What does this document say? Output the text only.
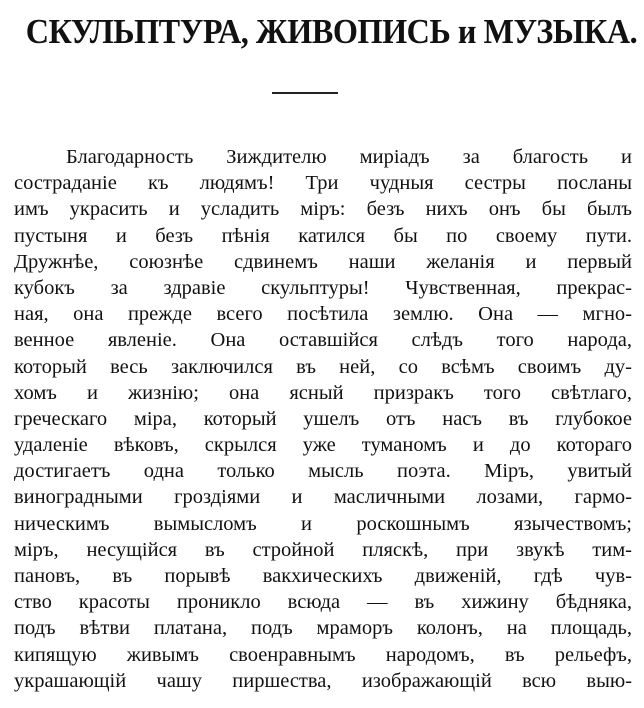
СКУЛЬПТУРА, ЖИВОПИСЬ и МУЗЫКА.
Благодарность Зиждителю миріадъ за благость и
состраданіе къ людямъ! Три чудныя сестры посланы
имъ украсить и усладить міръ: безъ нихъ онъ бы былъ
пустыня и безъ пѣнія катился бы по своему пути.
Дружнѣе, союзнѣе сдвинемъ наши желанія и первый
кубокъ за здравіе скульптуры! Чувственная, прекрас-
ная, она прежде всего посѣтила землю. Она — мгно-
венное явленіе. Она оставшійся слѣдъ того народа,
который весь заключился въ ней, со всѣмъ своимъ ду-
хомъ и жизнію; она ясный призракъ того свѣтлаго,
греческаго міра, который ушелъ отъ насъ въ глубокое
удаленіе вѣковъ, скрылся уже туманомъ и до котораго
достигаетъ одна только мысль поэта. Міръ, увитый
виноградными гроздіями и масличными лозами, гармо-
ническимъ вымысломъ и роскошнымъ язычествомъ;
міръ, несущійся въ стройной пляскѣ, при звукѣ тим-
пановъ, въ порывѣ вакхическихъ движеній, гдѣ чув-
ство красоты проникло всюда — въ хижину бѣдняка,
подъ вѣтви платана, подъ мраморъ колонъ, на площадь,
кипящую живымъ своенравнымъ народомъ, въ рельефъ,
украшающій чашу пиршества, изображающій всю выю-
